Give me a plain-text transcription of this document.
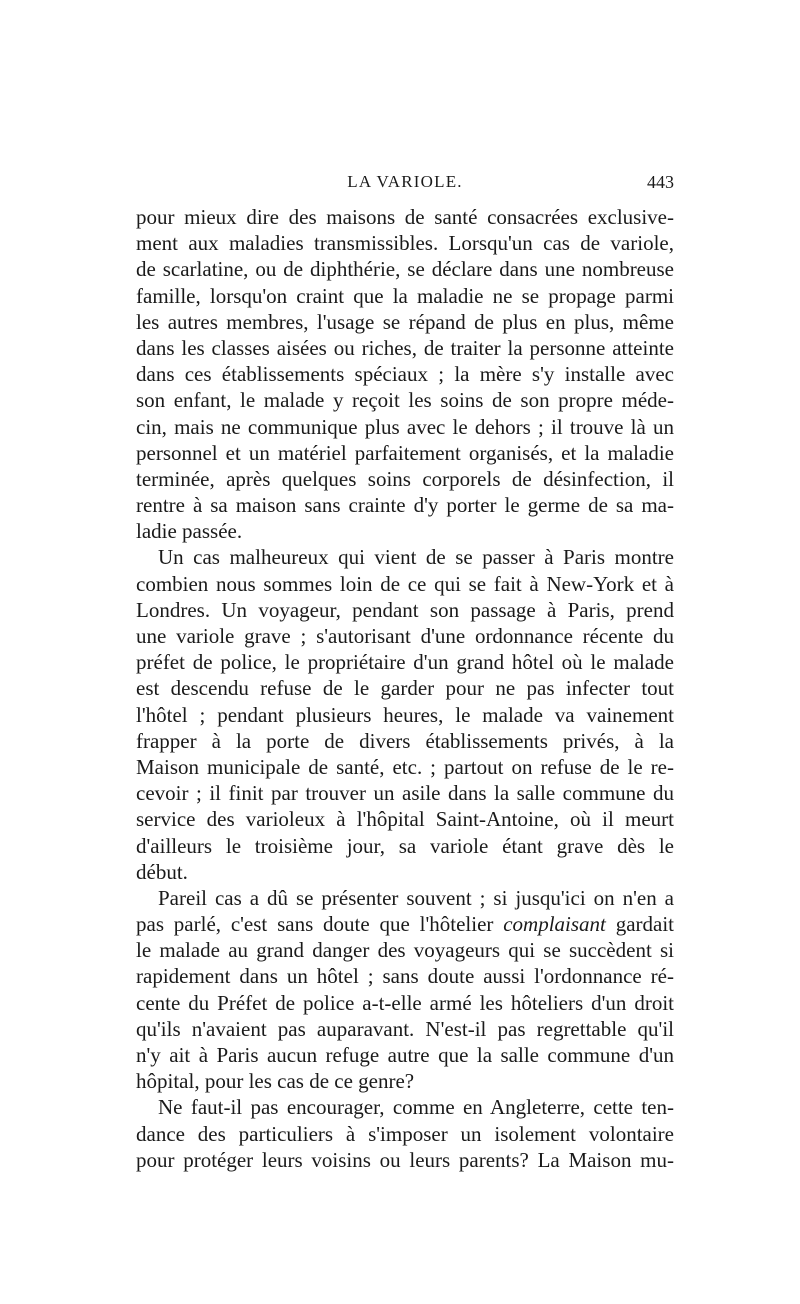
LA VARIOLE.	443
pour mieux dire des maisons de santé consacrées exclusive-
ment aux maladies transmissibles. Lorsqu'un cas de variole,
de scarlatine, ou de diphthérie, se déclare dans une nombreuse
famille, lorsqu'on craint que la maladie ne se propage parmi
les autres membres, l'usage se répand de plus en plus, même
dans les classes aisées ou riches, de traiter la personne atteinte
dans ces établissements spéciaux ; la mère s'y installe avec
son enfant, le malade y reçoit les soins de son propre méde-
cin, mais ne communique plus avec le dehors ; il trouve là un
personnel et un matériel parfaitement organisés, et la maladie
terminée, après quelques soins corporels de désinfection, il
rentre à sa maison sans crainte d'y porter le germe de sa ma-
ladie passée.
Un cas malheureux qui vient de se passer à Paris montre
combien nous sommes loin de ce qui se fait à New-York et à
Londres. Un voyageur, pendant son passage à Paris, prend
une variole grave ; s'autorisant d'une ordonnance récente du
préfet de police, le propriétaire d'un grand hôtel où le malade
est descendu refuse de le garder pour ne pas infecter tout
l'hôtel ; pendant plusieurs heures, le malade va vainement
frapper à la porte de divers établissements privés, à la
Maison municipale de santé, etc. ; partout on refuse de le re-
cevoir ; il finit par trouver un asile dans la salle commune du
service des varioleux à l'hôpital Saint-Antoine, où il meurt
d'ailleurs le troisième jour, sa variole étant grave dès le
début.
Pareil cas a dû se présenter souvent ; si jusqu'ici on n'en a
pas parlé, c'est sans doute que l'hôtelier complaisant gardait
le malade au grand danger des voyageurs qui se succèdent si
rapidement dans un hôtel ; sans doute aussi l'ordonnance ré-
cente du Préfet de police a-t-elle armé les hôteliers d'un droit
qu'ils n'avaient pas auparavant. N'est-il pas regrettable qu'il
n'y ait à Paris aucun refuge autre que la salle commune d'un
hôpital, pour les cas de ce genre?
Ne faut-il pas encourager, comme en Angleterre, cette ten-
dance des particuliers à s'imposer un isolement volontaire
pour protéger leurs voisins ou leurs parents? La Maison mu-
